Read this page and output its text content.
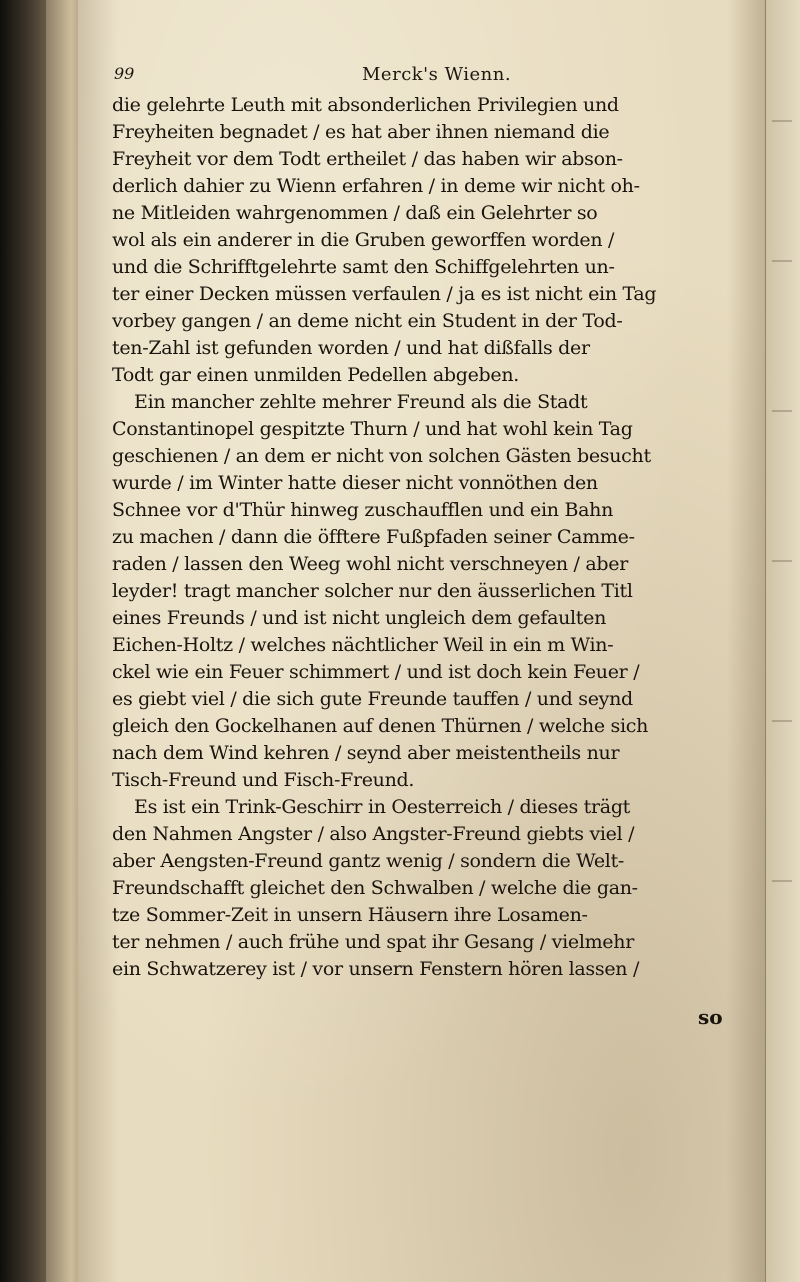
99	Merck's Wienn.
die gelehrte Leuth mit absonderlichen Privilegien und
Freyheiten begnadet / es hat aber ihnen niemand die
Freyheit vor dem Todt ertheilet / das haben wir abson-
derlich dahier zu Wienn erfahren / in deme wir nicht oh-
ne Mitleiden wahrgenommen / daß ein Gelehrter so
wol als ein anderer in die Gruben geworffen worden /
und die Schrifftgelehrte samt den Schiffgelehrten un-
ter einer Decken müssen verfaulen / ja es ist nicht ein Tag
vorbey gangen / an deme nicht ein Student in der Tod-
ten-Zahl ist gefunden worden / und hat dißfalls der
Todt gar einen unmilden Pedellen abgeben.
Ein mancher zehlte mehrer Freund als die Stadt
Constantinopel gespitzte Thurn / und hat wohl kein Tag
geschienen / an dem er nicht von solchen Gästen besucht
wurde / im Winter hatte dieser nicht vonnöthen den
Schnee vor d'Thür hinweg zuschaufflen und ein Bahn
zu machen / dann die öfftere Fußpfaden seiner Camme-
raden / lassen den Weeg wohl nicht verschneyen / aber
leyder! tragt mancher solcher nur den äusserlichen Titl
eines Freunds / und ist nicht ungleich dem gefaulten
Eichen-Holtz / welches nächtlicher Weil in ein m Win-
ckel wie ein Feuer schimmert / und ist doch kein Feuer /
es giebt viel / die sich gute Freunde tauffen / und seynd
gleich den Gockelhanen auf denen Thürnen / welche sich
nach dem Wind kehren / seynd aber meistentheils nur
Tisch-Freund und Fisch-Freund.
Es ist ein Trink-Geschirr in Oesterreich / dieses trägt
den Nahmen Angster / also Angster-Freund giebts viel /
aber Aengsten-Freund gantz wenig / sondern die Welt-
Freundschafft gleichet den Schwalben / welche die gan-
tze Sommer-Zeit in unsern Häusern ihre Losamen-
ter nehmen / auch frühe und spat ihr Gesang / vielmehr
ein Schwatzerey ist / vor unsern Fenstern hören lassen /
so
